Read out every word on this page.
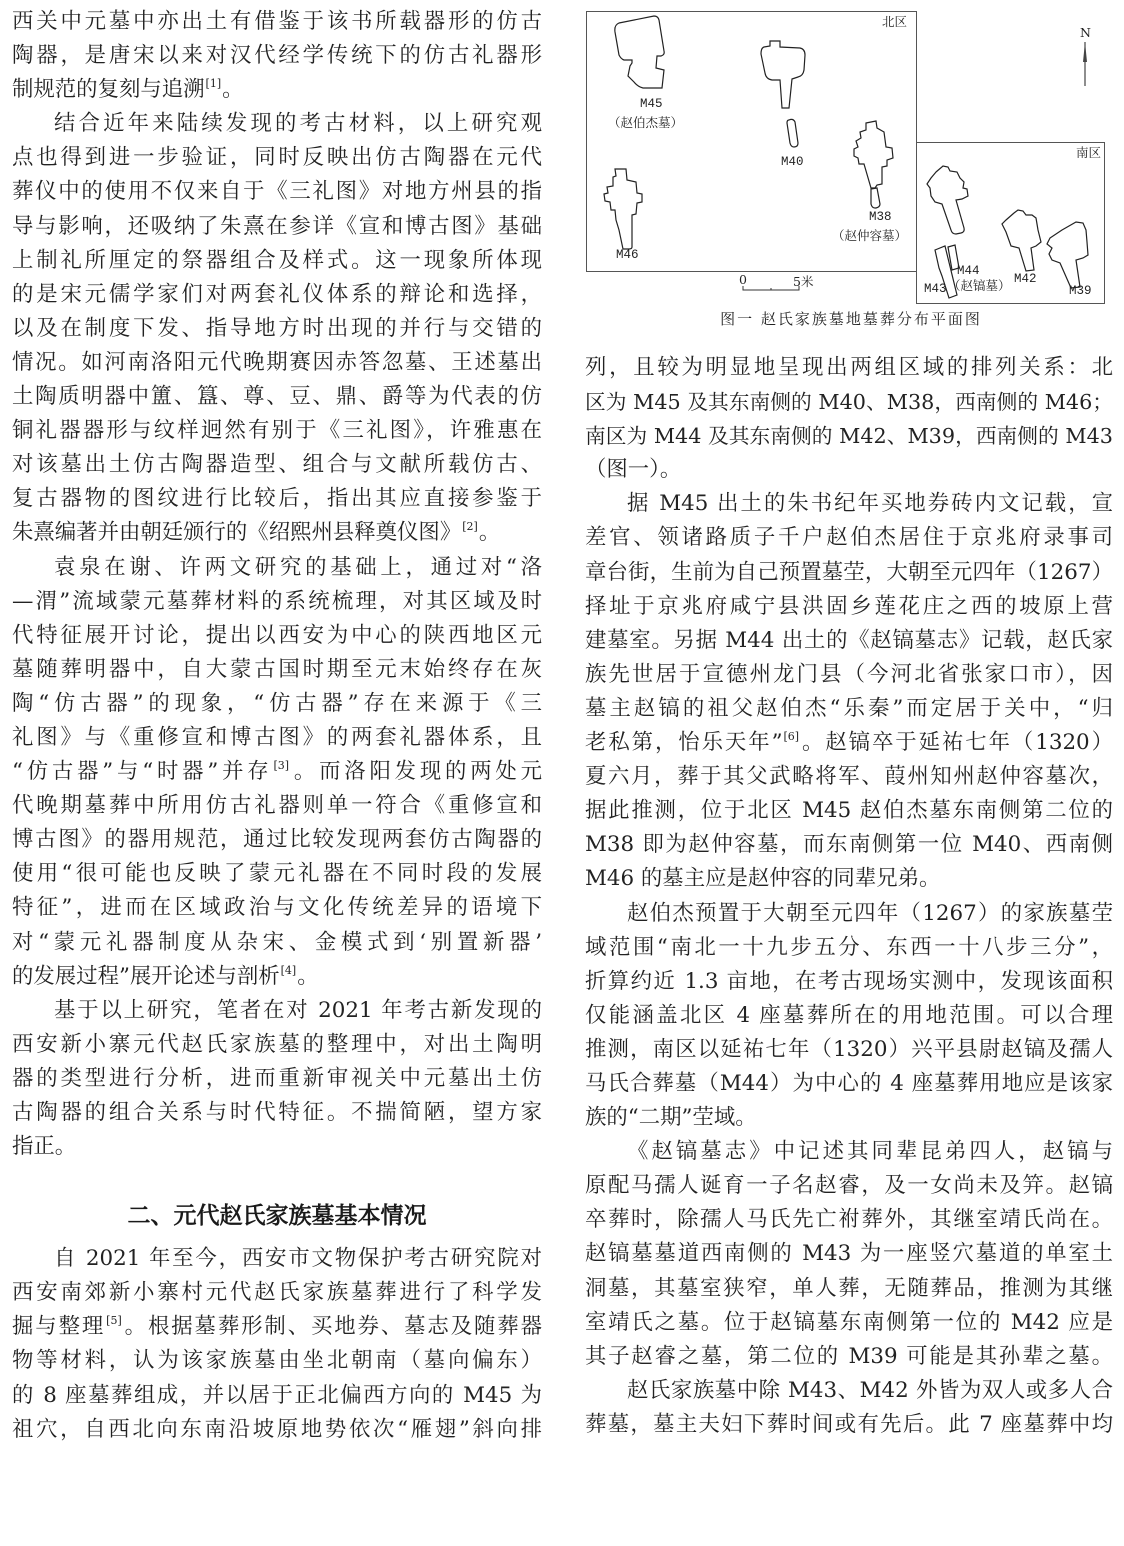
西关中元墓中亦出土有借鉴于该书所载器形的仿古
陶器，是唐宋以来对汉代经学传统下的仿古礼器形
制规范的复刻与追溯[1]。
结合近年来陆续发现的考古材料，以上研究观
点也得到进一步验证，同时反映出仿古陶器在元代
葬仪中的使用不仅来自于《三礼图》对地方州县的指
导与影响，还吸纳了朱熹在参详《宣和博古图》基础
上制礼所厘定的祭器组合及样式。这一现象所体现
的是宋元儒学家们对两套礼仪体系的辩论和选择，
以及在制度下发、指导地方时出现的并行与交错的
情况。如河南洛阳元代晚期赛因赤答忽墓、王述墓出
土陶质明器中簠、簋、尊、豆、鼎、爵等为代表的仿
铜礼器器形与纹样迥然有别于《三礼图》，许雅惠在
对该墓出土仿古陶器造型、组合与文献所载仿古、
复古器物的图纹进行比较后，指出其应直接参鉴于
朱熹编著并由朝廷颁行的《绍熙州县释奠仪图》[2]。
袁泉在谢、许两文研究的基础上，通过对“洛
—渭”流域蒙元墓葬材料的系统梳理，对其区域及时
代特征展开讨论，提出以西安为中心的陕西地区元
墓随葬明器中，自大蒙古国时期至元末始终存在灰
陶“仿古器”的现象，“仿古器”存在来源于《三
礼图》与《重修宣和博古图》的两套礼器体系，且
“仿古器”与“时器”并存[3]。而洛阳发现的两处元
代晚期墓葬中所用仿古礼器则单一符合《重修宣和
博古图》的器用规范，通过比较发现两套仿古陶器的
使用“很可能也反映了蒙元礼器在不同时段的发展
特征”，进而在区域政治与文化传统差异的语境下
对“蒙元礼器制度从杂宋、金模式到‘别置新器’
的发展过程”展开论述与剖析[4]。
基于以上研究，笔者在对 2021 年考古新发现的
西安新小寨元代赵氏家族墓的整理中，对出土陶明
器的类型进行分析，进而重新审视关中元墓出土仿
古陶器的组合关系与时代特征。不揣简陋，望方家
指正。
二、元代赵氏家族墓基本情况
自 2021 年至今，西安市文物保护考古研究院对
西安南郊新小寨村元代赵氏家族墓葬进行了科学发
掘与整理[5]。根据墓葬形制、买地券、墓志及随葬器
物等材料，认为该家族墓由坐北朝南（墓向偏东）
的 8 座墓葬组成，并以居于正北偏西方向的 M45 为
祖穴，自西北向东南沿坡原地势依次“雁翅”斜向排
北区
南区
N
M45
（赵伯杰墓）
M40
M38
（赵仲容墓）
M46
M44
（赵镐墓）
M43
M42
M39
0	5米
图一 赵氏家族墓地墓葬分布平面图
列，且较为明显地呈现出两组区域的排列关系：北
区为 M45 及其东南侧的 M40、M38，西南侧的 M46；
南区为 M44 及其东南侧的 M42、M39，西南侧的 M43
（图一）。
据 M45 出土的朱书纪年买地券砖内文记载，宣
差官、领诸路质子千户赵伯杰居住于京兆府录事司
章台街，生前为自己预置墓茔，大朝至元四年（1267）
择址于京兆府咸宁县洪固乡莲花庄之西的坡原上营
建墓室。另据 M44 出土的《赵镐墓志》记载，赵氏家
族先世居于宣德州龙门县（今河北省张家口市），因
墓主赵镐的祖父赵伯杰“乐秦”而定居于关中，“归
老私第，怡乐天年”[6]。赵镐卒于延祐七年（1320）
夏六月，葬于其父武略将军、葭州知州赵仲容墓次，
据此推测，位于北区 M45 赵伯杰墓东南侧第二位的
M38 即为赵仲容墓，而东南侧第一位 M40、西南侧
M46 的墓主应是赵仲容的同辈兄弟。
赵伯杰预置于大朝至元四年（1267）的家族墓茔
域范围“南北一十九步五分、东西一十八步三分”，
折算约近 1.3 亩地，在考古现场实测中，发现该面积
仅能涵盖北区 4 座墓葬所在的用地范围。可以合理
推测，南区以延祐七年（1320）兴平县尉赵镐及孺人
马氏合葬墓（M44）为中心的 4 座墓葬用地应是该家
族的“二期”茔域。
《赵镐墓志》中记述其同辈昆弟四人，赵镐与
原配马孺人诞育一子名赵睿，及一女尚未及笄。赵镐
卒葬时，除孺人马氏先亡祔葬外，其继室靖氏尚在。
赵镐墓墓道西南侧的 M43 为一座竖穴墓道的单室土
洞墓，其墓室狭窄，单人葬，无随葬品，推测为其继
室靖氏之墓。位于赵镐墓东南侧第一位的 M42 应是
其子赵睿之墓，第二位的 M39 可能是其孙辈之墓。
赵氏家族墓中除 M43、M42 外皆为双人或多人合
葬墓，墓主夫妇下葬时间或有先后。此 7 座墓葬中均
